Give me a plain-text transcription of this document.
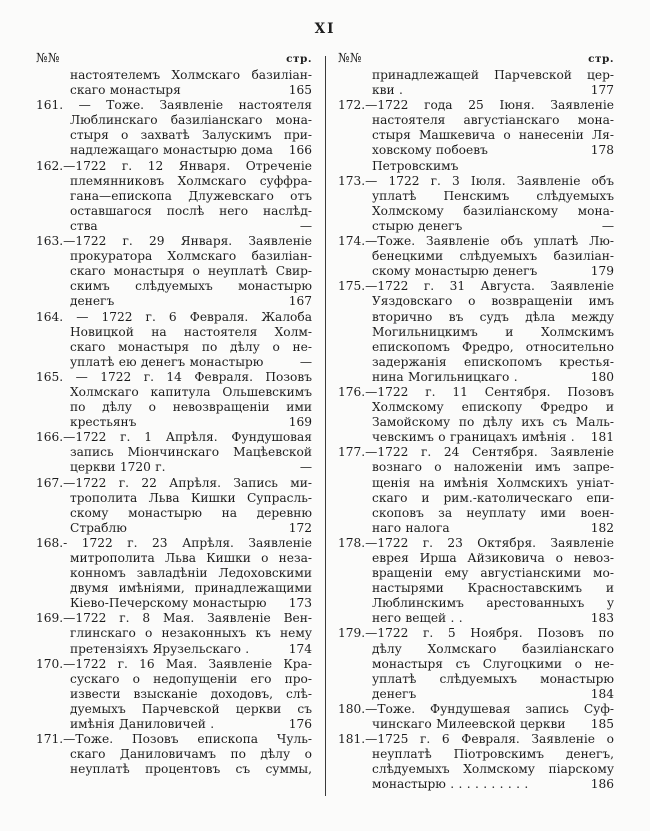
XI
№№	стр.
настоятелемъ Холмскаго базиліан-
скаго монастыря	165
161. — Тоже. Заявленіе настоятеля
Люблинскаго базиліанскаго мона-
стыря о захватѣ Залускимъ при-
надлежащаго монастырю дома	166
162.—1722 г. 12 Января. Отреченіе
племянниковъ Холмскаго суффра-
гана—епископа Длужевскаго отъ
оставшагося послѣ него наслѣд-
ства	—
163.—1722 г. 29 Января. Заявленіе
прокуратора Холмскаго базиліан-
скаго монастыря о неуплатѣ Свир-
скимъ слѣдуемыхъ монастырю
денегъ	167
164. — 1722 г. 6 Февраля. Жалоба
Новицкой на настоятеля Холм-
скаго монастыря по дѣлу о не-
уплатѣ ею денегъ монастырю	—
165. — 1722 г. 14 Февраля. Позовъ
Холмскаго капитула Ольшевскимъ
по дѣлу о невозвращеніи ими
крестьянъ	169
166.—1722 г. 1 Апрѣля. Фундушовая
запись Міончинскаго Мацѣевской
церкви 1720 г.	—
167.—1722 г. 22 Апрѣля. Запись ми-
трополита Льва Кишки Супрасль-
скому монастырю на деревню
Страблю	172
168.- 1722 г. 23 Апрѣля. Заявленіе
митрополита Льва Кишки о неза-
конномъ завладѣніи Ледоховскими
двумя имѣніями, принадлежащими
Кіево-Печерскому монастырю	173
169.—1722 г. 8 Мая. Заявленіе Вен-
глинскаго о незаконныхъ къ нему
претензіяхъ Ярузельскаго .	174
170.—1722 г. 16 Мая. Заявленіе Кра-
сускаго о недопущеніи его про-
извести взысканіе доходовъ, слѣ-
дуемыхъ Парчевской церкви съ
имѣнія Даниловичей .	176
171.—Тоже. Позовъ епископа Чуль-
скаго Даниловичамъ по дѣлу о
неуплатѣ процентовъ съ суммы,
№№	стр.
принадлежащей Парчевской цер-
кви .	177
172.—1722 года 25 Іюня. Заявленіе
настоятеля августіанскаго мона-
стыря Машкевича о нанесеніи Ля-
ховскому побоевъ Петровскимъ
178
173.— 1722 г. 3 Іюля. Заявленіе объ
уплатѣ Пенскимъ слѣдуемыхъ
Холмскому базиліанскому мона-
стырю денегъ	—
174.—Тоже. Заявленіе объ уплатѣ Лю-
бенецкими слѣдуемыхъ базиліан-
скому монастырю денегъ	179
175.—1722 г. 31 Августа. Заявленіе
Уяздовскаго о возвращеніи имъ
вторично въ судъ дѣла между
Могильницкимъ и Холмскимъ
епископомъ Фредро, относительно
задержанія епископомъ крестья-
нина Могильницкаго .	180
176.—1722 г. 11 Сентября. Позовъ
Холмскому епископу Фредро и
Замойскому по дѣлу ихъ съ Маль-
чевскимъ о границахъ имѣнія .	181
177.—1722 г. 24 Сентября. Заявленіе
вознаго о наложеніи имъ запре-
щенія на имѣнія Холмскихъ уніат-
скаго и рим.-католическаго епи-
скоповъ за неуплату ими воен-
наго налога	182
178.—1722 г. 23 Октября. Заявленіе
еврея Ирша Айзиковича о невоз-
вращеніи ему августіанскими мо-
настырями Красноставскимъ и
Люблинскимъ арестованныхъ у
него вещей . .	183
179.—1722 г. 5 Ноября. Позовъ по
дѣлу Холмскаго базиліанскаго
монастыря съ Слугоцкими о не-
уплатѣ слѣдуемыхъ монастырю
денегъ	184
180.—Тоже. Фундушевая запись Суф-
чинскаго Милеевской церкви	185
181.—1725 г. 6 Февраля. Заявленіе о
неуплатѣ Піотровскимъ денегъ,
слѣдуемыхъ Холмскому піарскому
монастырю . . . . . . . . . .	186
